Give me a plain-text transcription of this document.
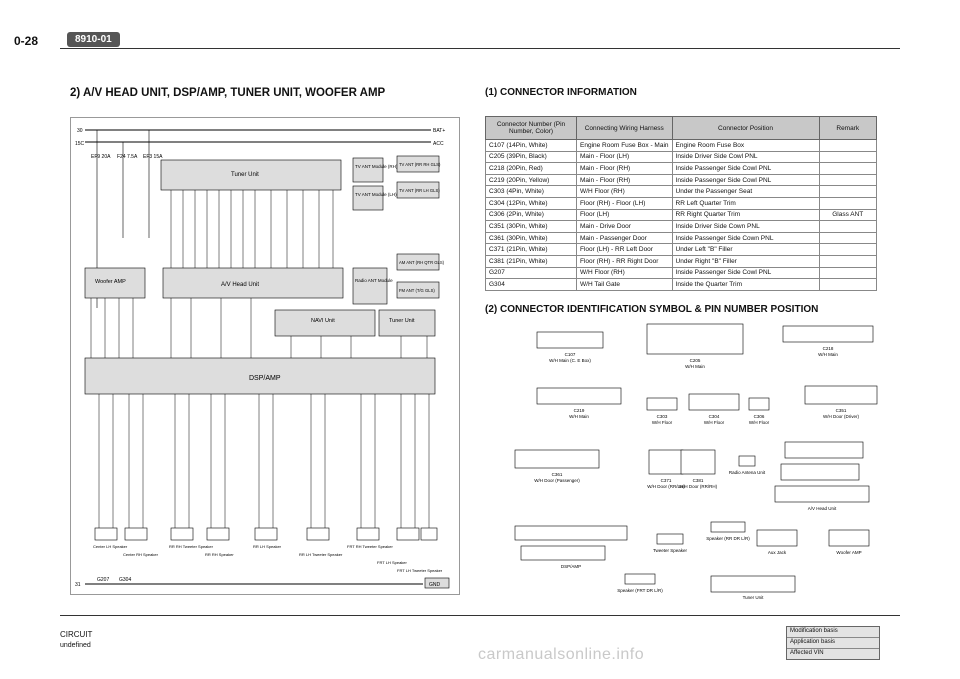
0-28	8910-01
2) A/V HEAD UNIT, DSP/AMP, TUNER UNIT, WOOFER AMP
30
15C
BAT+
ACC
EF9 20A F24 7.5A EF3 15A
Tuner Unit
TV ANT Module (RH)
TV ANT Module (LH)
TV ANT (RR RH GLS)
TV ANT (RR LH GLS)
A/V Head Unit
Radio ANT Module
AM ANT (RH QTR GLS)
FM ANT (T/G GLS)
Woofer AMP
NAVI Unit	Tuner Unit
DSP/AMP
Center LH Speaker
Center RH Speaker
RR RH Tweeter Speaker
RR RH Speaker
RR LH Speaker
RR LH Tweeter Speaker
FRT RH Tweeter Speaker
FRT LH Speaker
FRT LH Tweeter Speaker
31
G207 G304
GND
(1) CONNECTOR INFORMATION
Connector Number (Pin Number, Color)	Connecting Wiring Harness	Connector Position	Remark
C107 (14Pin, White)	Engine Room Fuse Box - Main	Engine Room Fuse Box	
C205 (39Pin, Black)	Main - Floor (LH)	Inside Driver Side Cowl PNL	
C218 (20Pin, Red)	Main - Floor (RH)	Inside Passenger Side Cowl PNL	
C219 (20Pin, Yellow)	Main - Floor (RH)	Inside Passenger Side Cowl PNL	
C303 (4Pin, White)	W/H Floor (RH)	Under the Passenger Seat	
C304 (12Pin, White)	Floor (RH) - Floor (LH)	RR Left Quarter Trim	
C306 (2Pin, White)	Floor (LH)	RR Right Quarter Trim	Glass ANT
C351 (30Pin, White)	Main - Drive Door	Inside Driver Side Cown PNL	
C361 (30Pin, White)	Main - Passenger Door	Inside Passenger Side Cown PNL	
C371 (21Pin, White)	Floor (LH) - RR Left Door	Under Left "B" Filler	
C381 (21Pin, White)	Floor (RH) - RR Right Door	Under Right "B" Filler	
G207	W/H Floor (RH)	Inside Passenger Side Cowl PNL	
G304	W/H Tail Gate	Inside the Quarter Trim	
(2) CONNECTOR IDENTIFICATION SYMBOL & PIN NUMBER POSITION
C107
W/H Main (C. E Box)	C205
W/H Main
C218
W/H Main
C219
W/H Main	C303
W/H Floor
C304
W/H Floor
C306
W/H Floor
C351
W/H Door (Driver)
C361
W/H Door (Passenger)	C371
W/H Door (RR/LH)
C381
W/H Door (RR/RH)
Radio Antena Unit
A/V Head Unit
DSP/AMP
Tweeter Speaker
Speaker (RR DR L/R)
Aux Jack	Woofer AMP
Speaker (FRT DR L/R)
Tuner Unit
CIRCUIT
undefined
carmanualsonline.info
Modification basis
Application basis
Affected VIN
